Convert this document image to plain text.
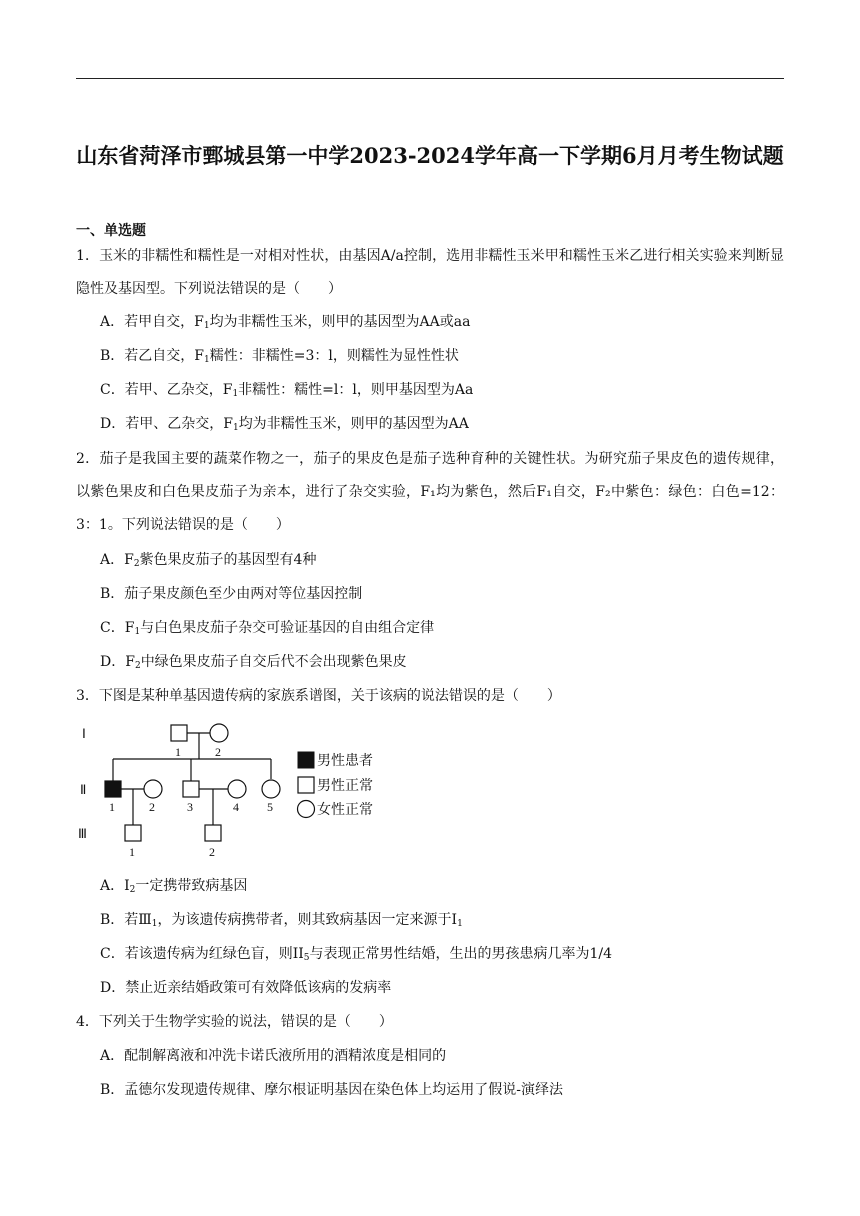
山东省菏泽市鄄城县第一中学2023-2024学年高一下学期6月月考生物试题
一、单选题
1．玉米的非糯性和糯性是一对相对性状，由基因A/a控制，选用非糯性玉米甲和糯性玉米乙进行相关实验来判断显隐性及基因型。下列说法错误的是（　　）
A．若甲自交，$F_1$均为非糯性玉米，则甲的基因型为AA或aa
B．若乙自交，$F_1$糯性：非糯性=3：l，则糯性为显性性状
C．若甲、乙杂交，$F_1$非糯性：糯性=l：l，则甲基因型为Aa
D．若甲、乙杂交，$F_1$均为非糯性玉米，则甲的基因型为AA
2．茄子是我国主要的蔬菜作物之一，茄子的果皮色是茄子选种育种的关键性状。为研究茄子果皮色的遗传规律，以紫色果皮和白色果皮茄子为亲本，进行了杂交实验，F₁均为紫色，然后F₁自交，F₂中紫色：绿色：白色=12：3：1。下列说法错误的是（　　）
A．$F_2$紫色果皮茄子的基因型有4种
B．茄子果皮颜色至少由两对等位基因控制
C．$F_1$与白色果皮茄子杂交可验证基因的自由组合定律
D．$F_2$中绿色果皮茄子自交后代不会出现紫色果皮
3．下图是某种单基因遗传病的家族系谱图，关于该病的说法错误的是（　　）
Ⅰ
Ⅱ
Ⅲ
1	2
1	2	3	4 5
1	2
男性患者
男性正常
女性正常
A．$I_2$一定携带致病基因
B．若$Ⅲ_1$，为该遗传病携带者，则其致病基因一定来源于$I_1$
C．若该遗传病为红绿色盲，则$II_5$与表现正常男性结婚，生出的男孩患病几率为1/4
D．禁止近亲结婚政策可有效降低该病的发病率
4．下列关于生物学实验的说法，错误的是（　　）
A．配制解离液和冲洗卡诺氏液所用的酒精浓度是相同的
B．孟德尔发现遗传规律、摩尔根证明基因在染色体上均运用了假说-演绎法
